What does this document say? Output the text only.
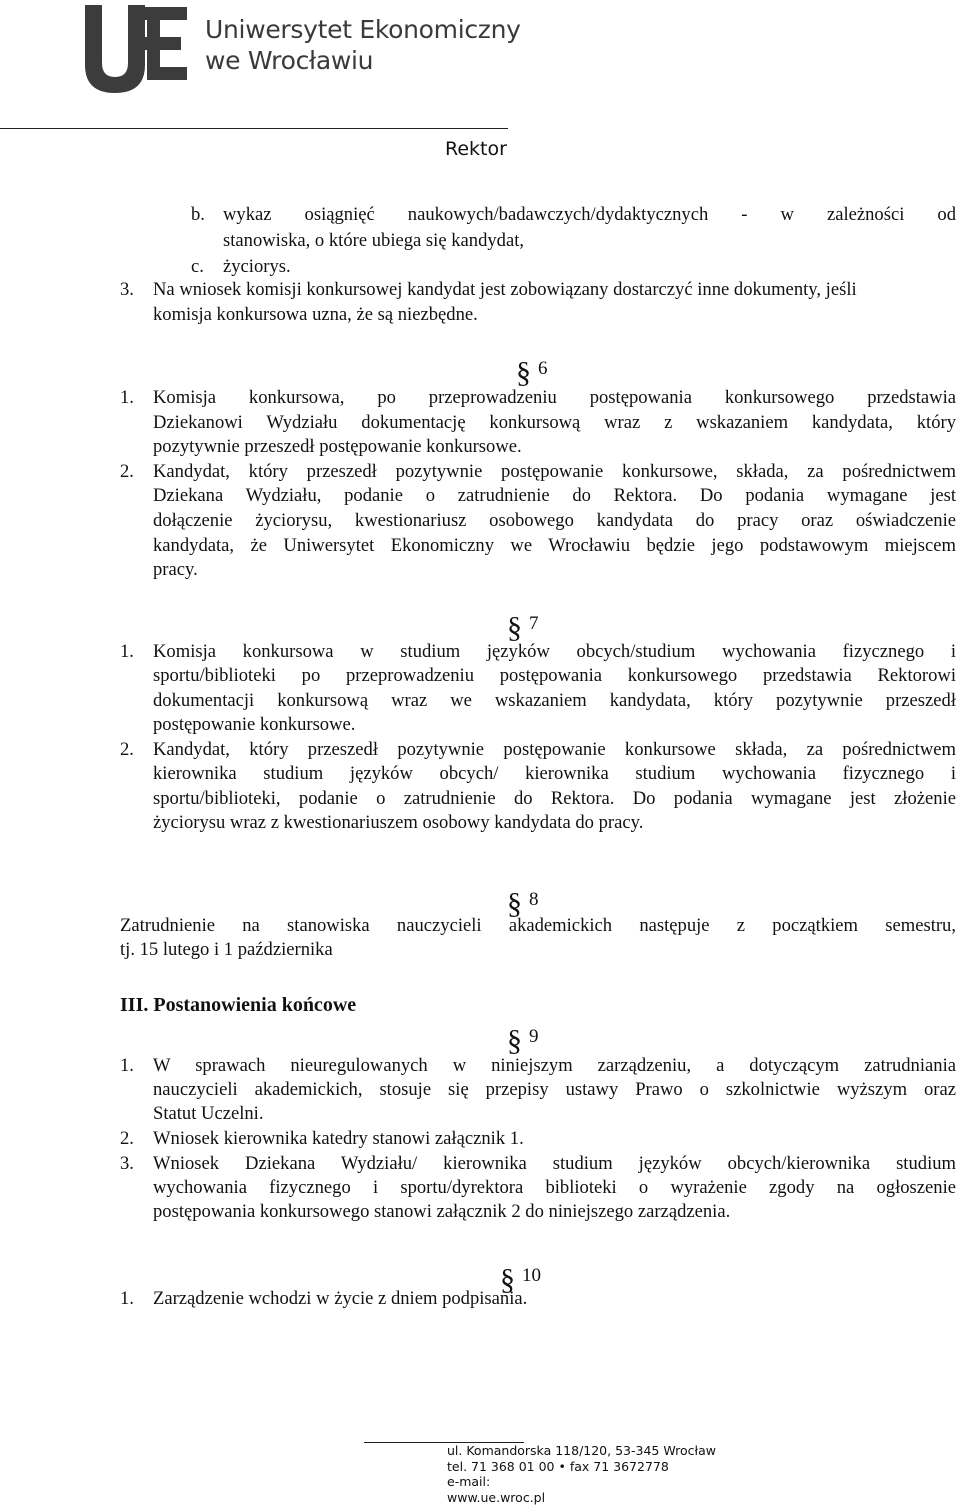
Uniwersytet Ekonomiczny
we Wrocławiu
Rektor
b. wykaz osiągnięć naukowych/badawczych/dydaktycznych - w zależności od
stanowiska, o które ubiega się kandydat,
c. życiorys.
3. Na wniosek komisji konkursowej kandydat jest zobowiązany dostarczyć inne dokumenty, jeśli
komisja konkursowa uzna, że są niezbędne.
§ 6
1. Komisja konkursowa, po przeprowadzeniu postępowania konkursowego przedstawia
Dziekanowi Wydziału dokumentację konkursową wraz z wskazaniem kandydata, który
pozytywnie przeszedł postępowanie konkursowe.
2. Kandydat, który przeszedł pozytywnie postępowanie konkursowe, składa, za pośrednictwem
Dziekana Wydziału, podanie o zatrudnienie do Rektora. Do podania wymagane jest
dołączenie życiorysu, kwestionariusz osobowego kandydata do pracy oraz oświadczenie
kandydata, że Uniwersytet Ekonomiczny we Wrocławiu będzie jego podstawowym miejscem
pracy.
§ 7
1. Komisja konkursowa w studium języków obcych/studium wychowania fizycznego i
sportu/biblioteki po przeprowadzeniu postępowania konkursowego przedstawia Rektorowi
dokumentacji konkursową wraz we wskazaniem kandydata, który pozytywnie przeszedł
postępowanie konkursowe.
2. Kandydat, który przeszedł pozytywnie postępowanie konkursowe składa, za pośrednictwem
kierownika studium języków obcych/ kierownika studium wychowania fizycznego i
sportu/biblioteki, podanie o zatrudnienie do Rektora. Do podania wymagane jest złożenie
życiorysu wraz z kwestionariuszem osobowy kandydata do pracy.
§ 8
Zatrudnienie na stanowiska nauczycieli akademickich następuje z początkiem semestru,
tj. 15 lutego i 1 października
III. Postanowienia końcowe
§ 9
1. W sprawach nieuregulowanych w niniejszym zarządzeniu, a dotyczącym zatrudniania
nauczycieli akademickich, stosuje się przepisy ustawy Prawo o szkolnictwie wyższym oraz
Statut Uczelni.
2. Wniosek kierownika katedry stanowi załącznik 1.
3. Wniosek Dziekana Wydziału/ kierownika studium języków obcych/kierownika studium
wychowania fizycznego i sportu/dyrektora biblioteki o wyrażenie zgody na ogłoszenie
postępowania konkursowego stanowi załącznik 2 do niniejszego zarządzenia.
§ 10
1. Zarządzenie wchodzi w życie z dniem podpisania.
ul. Komandorska 118/120, 53-345 Wrocław
tel. 71 368 01 00 • fax 71 3672778
e-mail:
www.ue.wroc.pl
